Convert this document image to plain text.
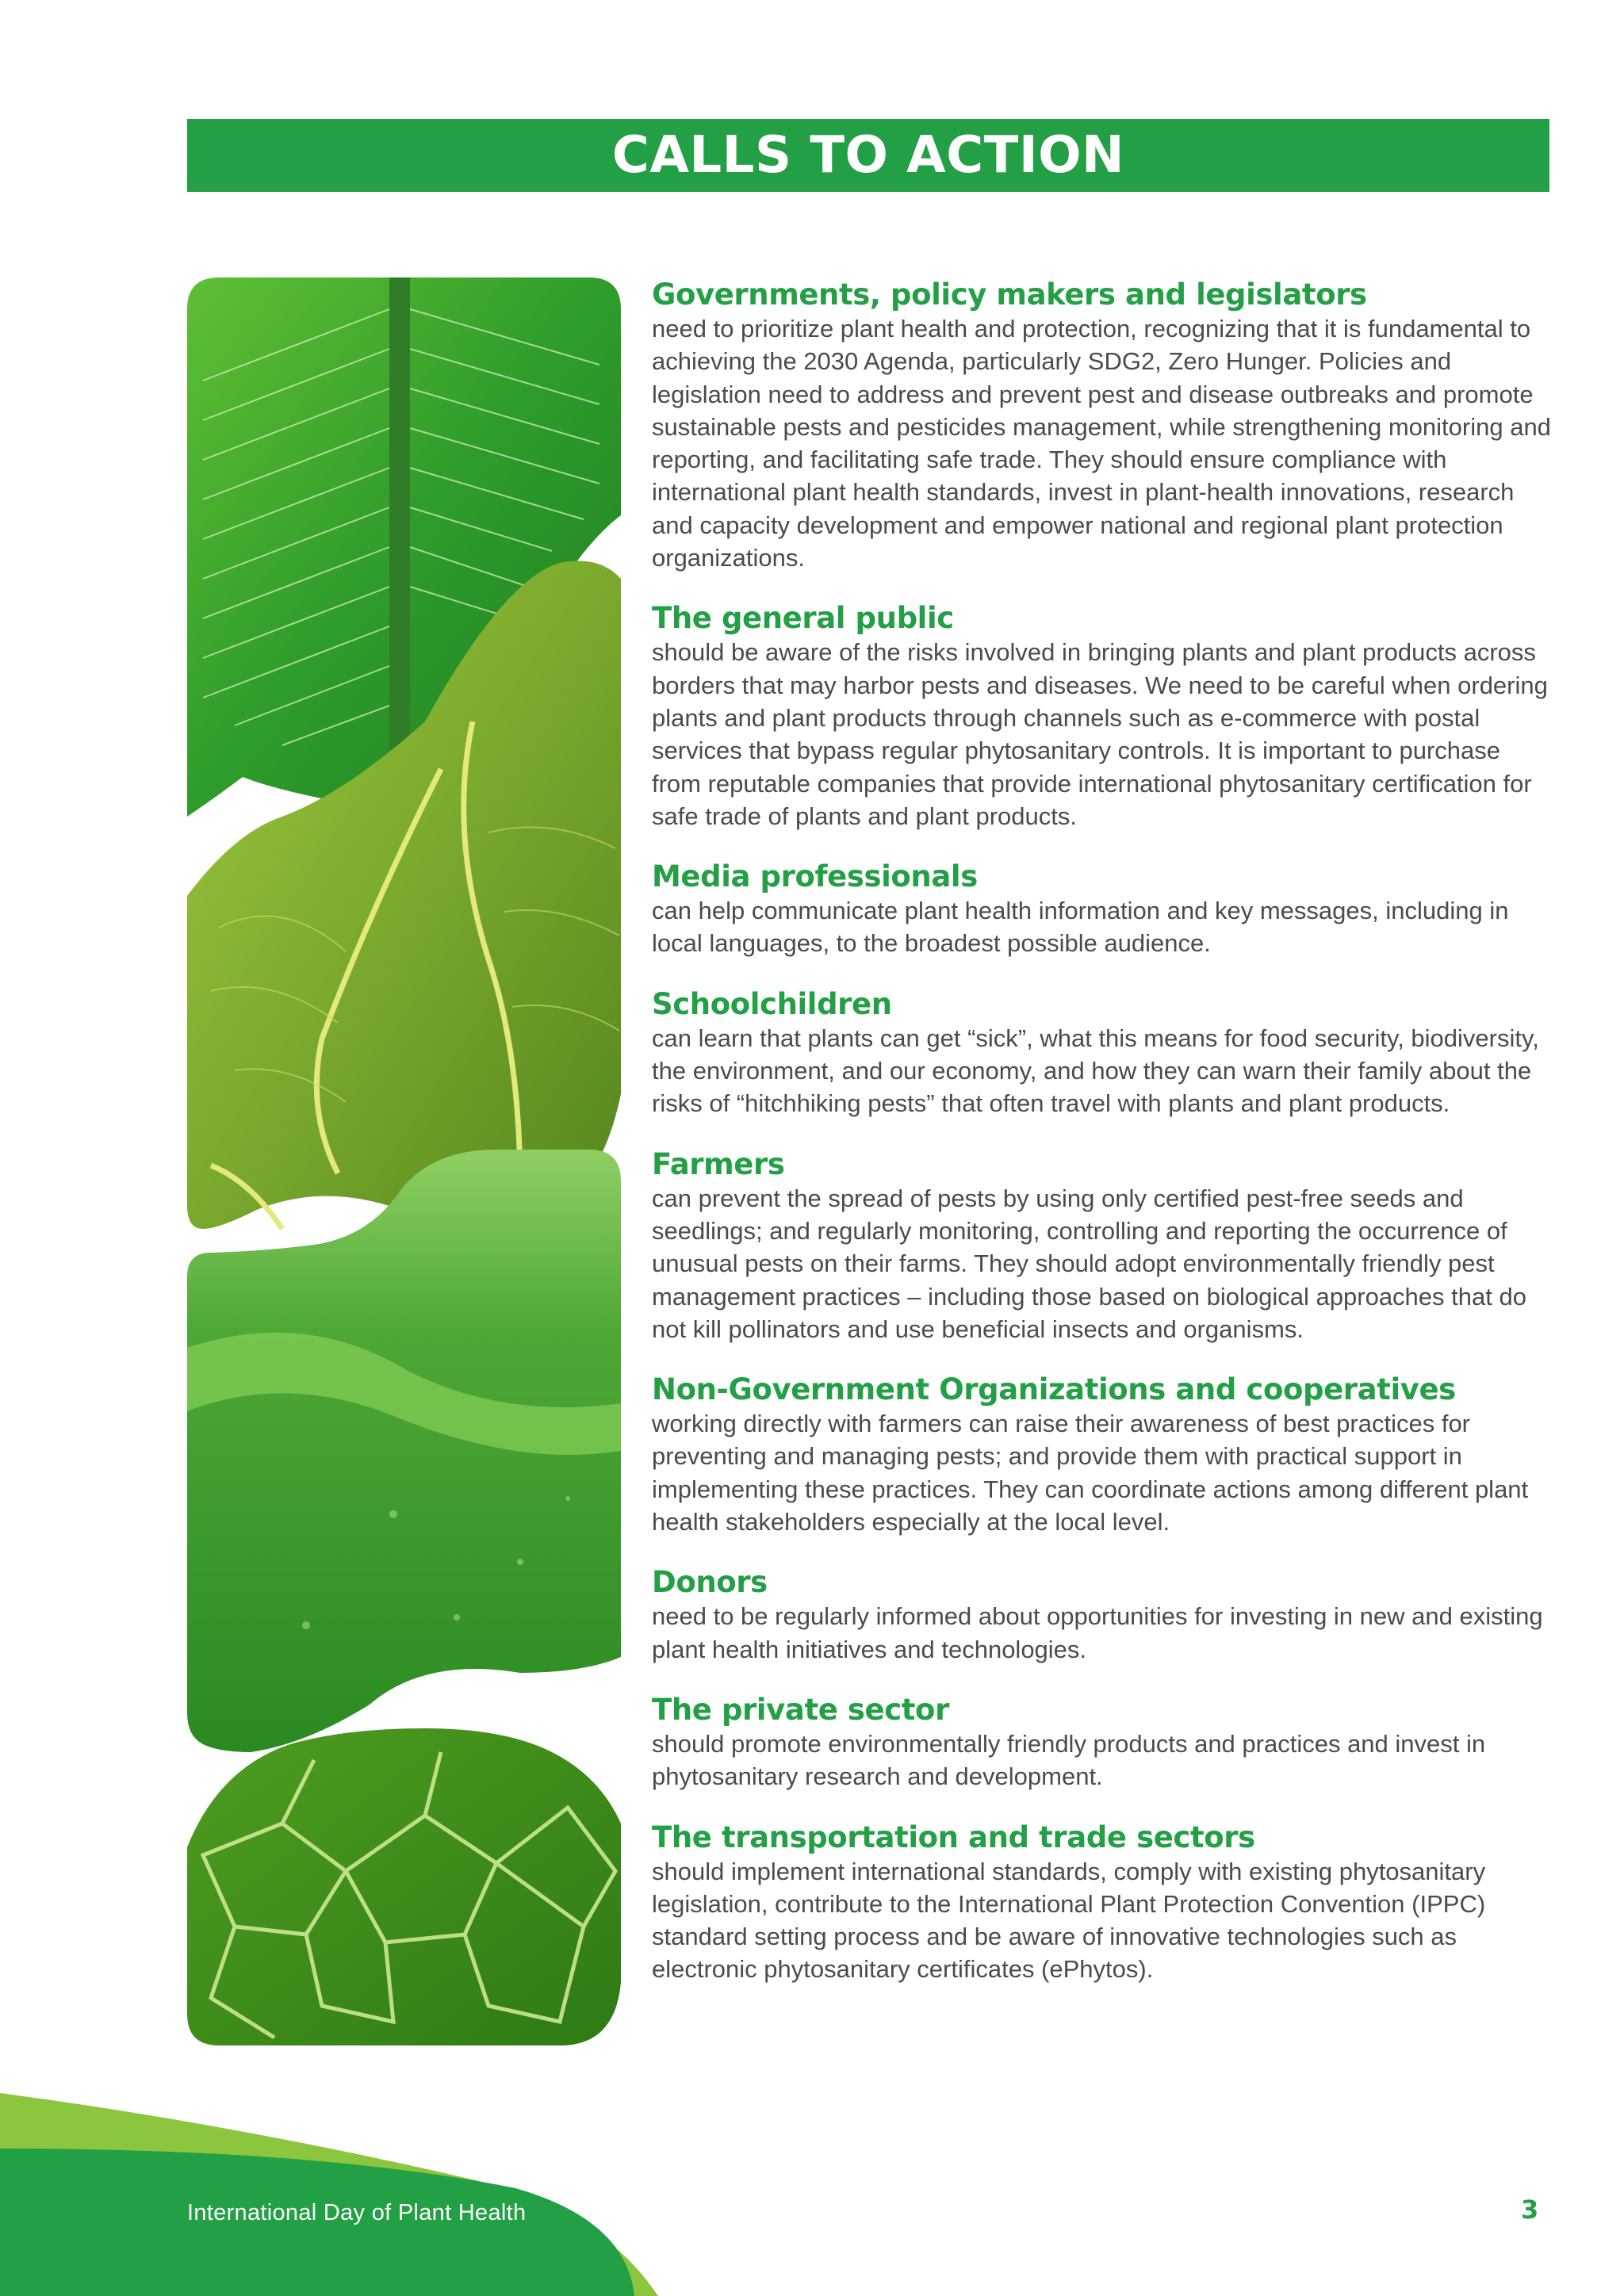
CALLS TO ACTION
Governments, policy makers and legislators

need to prioritize plant health and protection, recognizing that it is fundamental to achieving the 2030 Agenda, particularly SDG2, Zero Hunger. Policies and legislation need to address and prevent pest and disease outbreaks and promote sustainable pests and pesticides management, while strengthening monitoring and reporting, and facilitating safe trade. They should ensure compliance with international plant health standards, invest in plant-health innovations, research and capacity development and empower national and regional plant protection organizations.

The general public

should be aware of the risks involved in bringing plants and plant products across borders that may harbor pests and diseases. We need to be careful when ordering plants and plant products through channels such as e-commerce with postal services that bypass regular phytosanitary controls. It is important to purchase from reputable companies that provide international phytosanitary certification for safe trade of plants and plant products.

Media professionals

can help communicate plant health information and key messages, including in local languages, to the broadest possible audience.

Schoolchildren

can learn that plants can get “sick”, what this means for food security, biodiversity, the environment, and our economy, and how they can warn their family about the risks of “hitchhiking pests” that often travel with plants and plant products.

Farmers

can prevent the spread of pests by using only certified pest-free seeds and seedlings; and regularly monitoring, controlling and reporting the occurrence of unusual pests on their farms. They should adopt environmentally friendly pest management practices – including those based on biological approaches that do not kill pollinators and use beneficial insects and organisms.

Non-Government Organizations and cooperatives

working directly with farmers can raise their awareness of best practices for preventing and managing pests; and provide them with practical support in implementing these practices. They can coordinate actions among different plant health stakeholders especially at the local level.

Donors

need to be regularly informed about opportunities for investing in new and existing plant health initiatives and technologies.

The private sector

should promote environmentally friendly products and practices and invest in phytosanitary research and development.

The transportation and trade sectors

should implement international standards, comply with existing phytosanitary legislation, contribute to the International Plant Protection Convention (IPPC) standard setting process and be aware of innovative technologies such as electronic phytosanitary certificates (ePhytos).

International Day of Plant Health	3
